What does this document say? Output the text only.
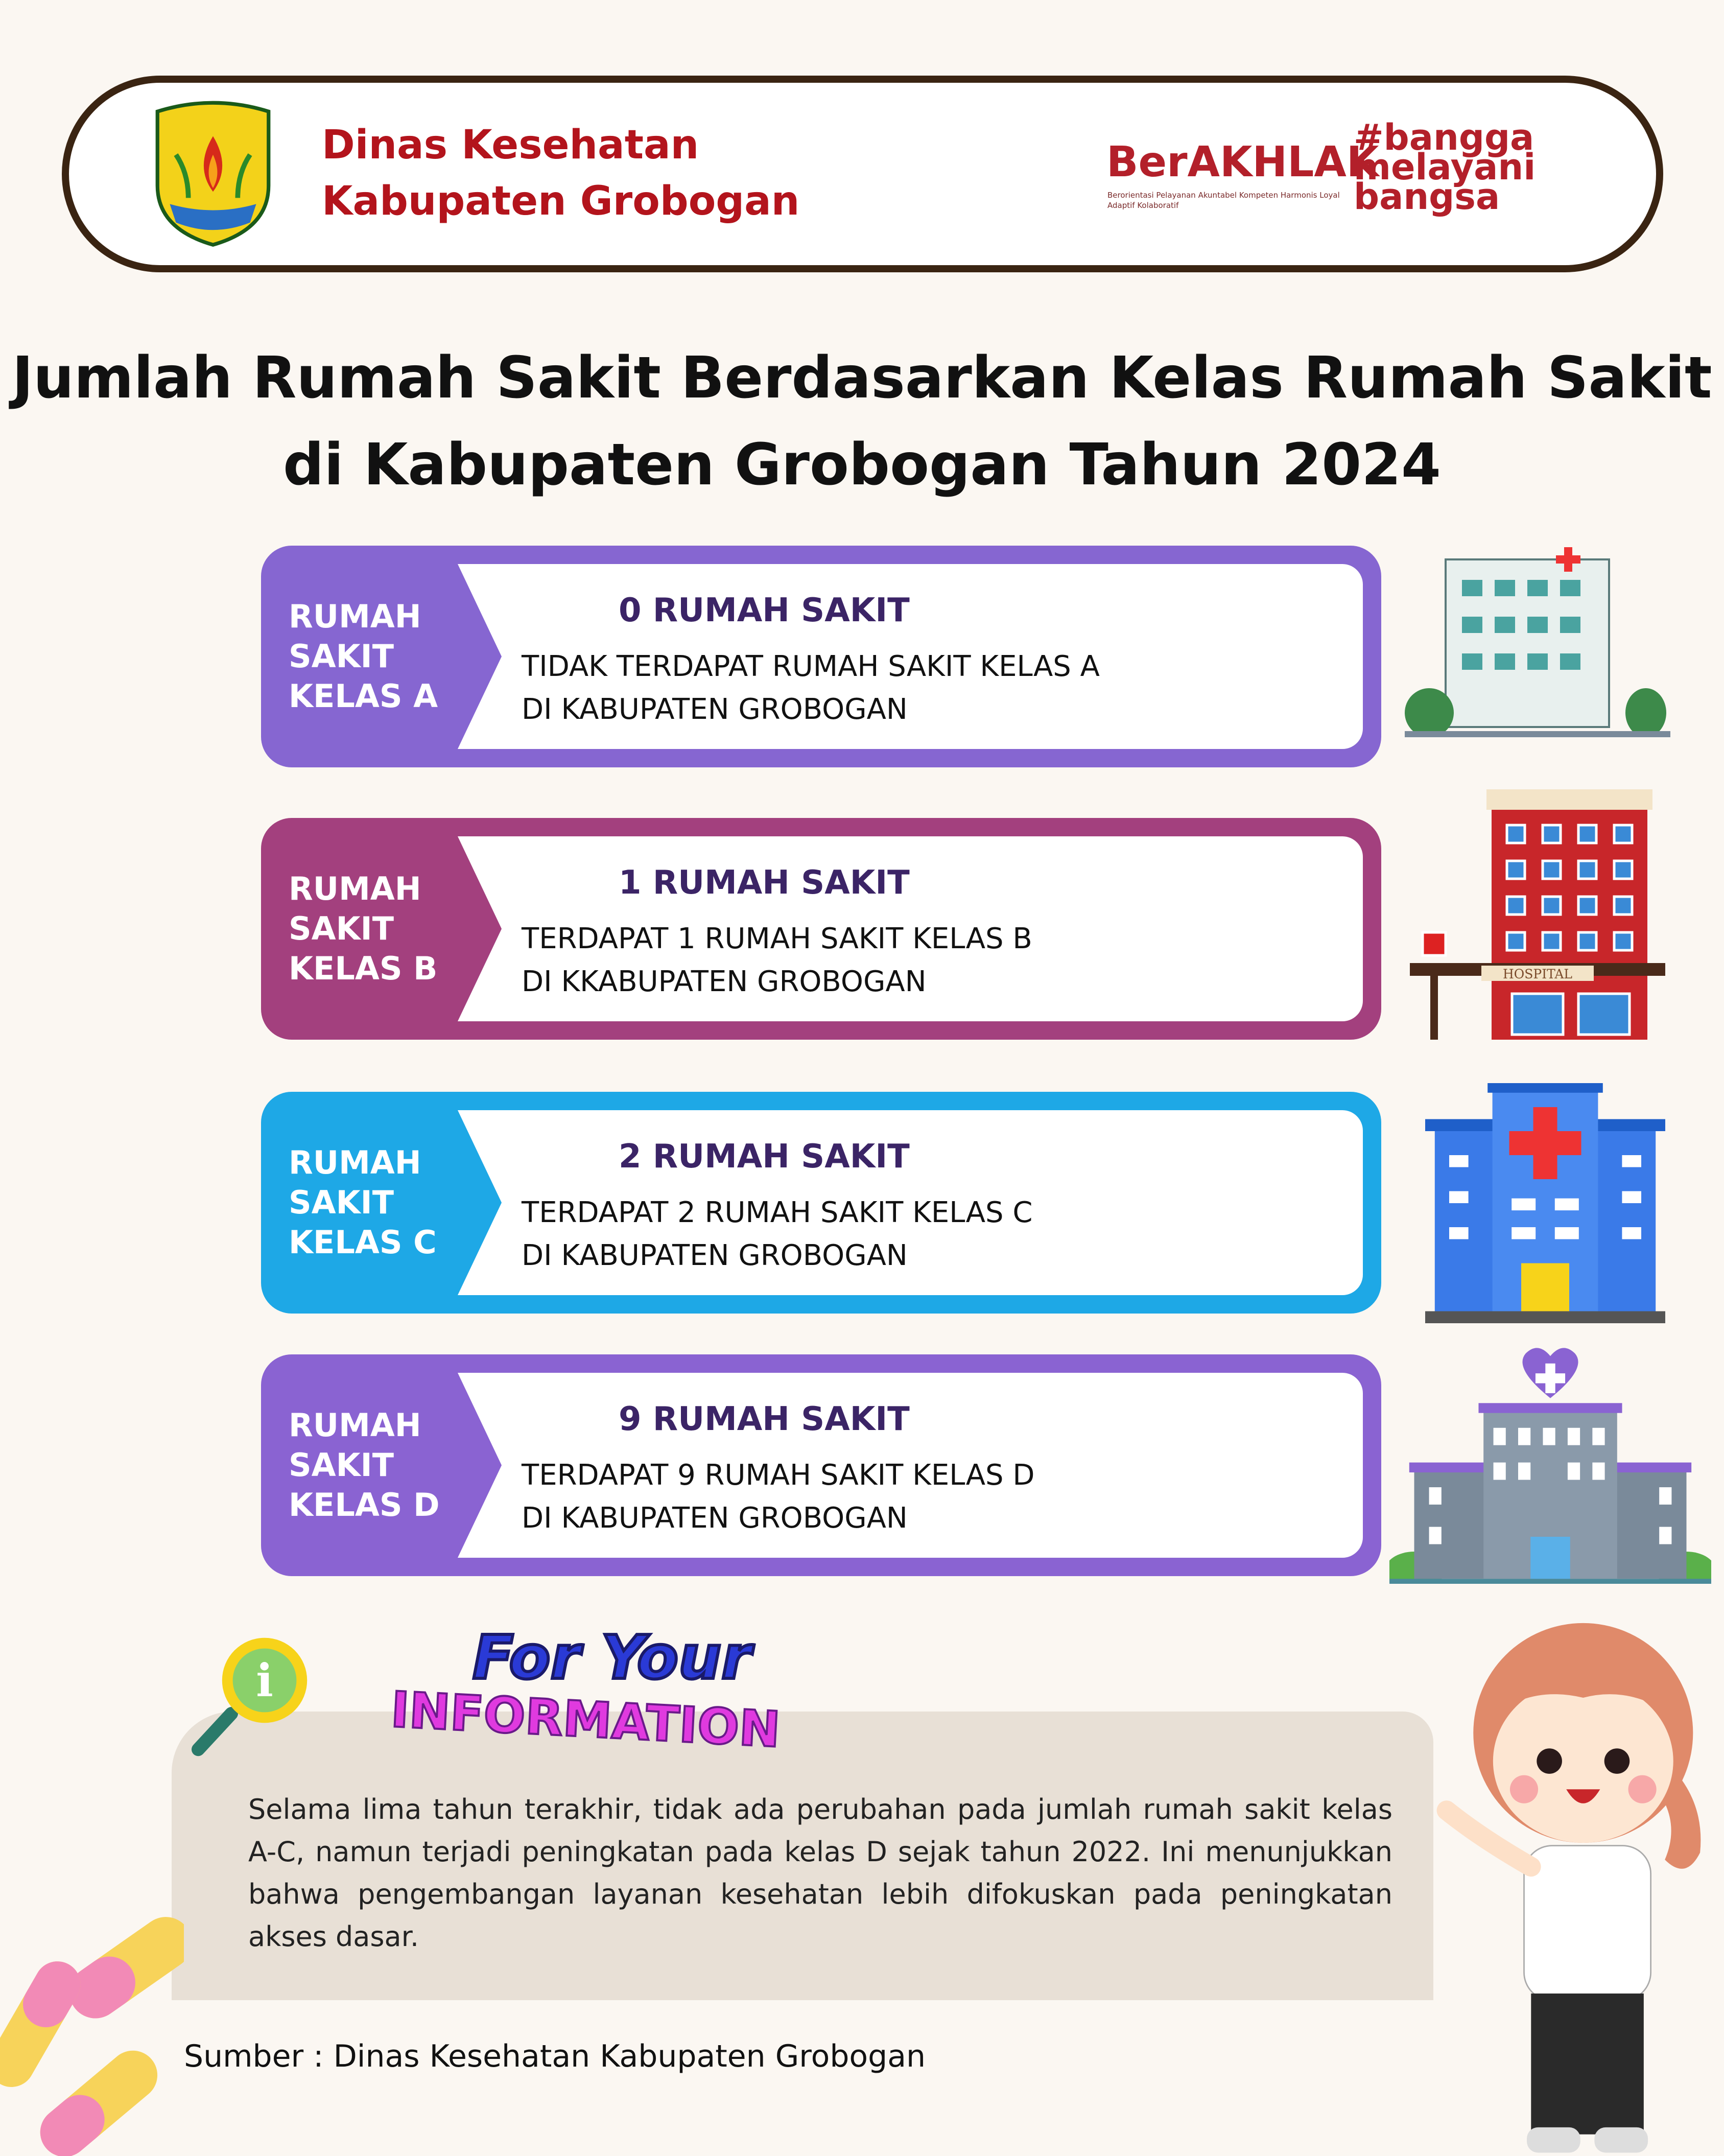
Dinas Kesehatan
Kabupaten Grobogan
BerAKHLAK
Berorientasi Pelayanan Akuntabel Kompeten Harmonis Loyal Adaptif Kolaboratif
#bangga melayani bangsa
Jumlah Rumah Sakit Berdasarkan Kelas Rumah Sakit
di Kabupaten Grobogan Tahun 2024
RUMAH
SAKIT
KELAS A
0 RUMAH SAKIT
TIDAK TERDAPAT RUMAH SAKIT KELAS A
DI KABUPATEN GROBOGAN
RUMAH
SAKIT
KELAS B
1 RUMAH SAKIT
TERDAPAT 1 RUMAH SAKIT KELAS B
DI KKABUPATEN GROBOGAN
RUMAH
SAKIT
KELAS C
2 RUMAH SAKIT
TERDAPAT 2 RUMAH SAKIT KELAS C
DI KABUPATEN GROBOGAN
RUMAH
SAKIT
KELAS D
9 RUMAH SAKIT
TERDAPAT 9 RUMAH SAKIT KELAS D
DI KABUPATEN GROBOGAN
HOSPITAL

Selama lima tahun terakhir, tidak ada perubahan pada jumlah rumah sakit kelas A-C, namun terjadi peningkatan pada kelas D sejak tahun 2022. Ini menunjukkan bahwa pengembangan layanan kesehatan lebih difokuskan pada peningkatan akses dasar.

i	For Your
INFORMATION
Sumber : Dinas Kesehatan Kabupaten Grobogan
